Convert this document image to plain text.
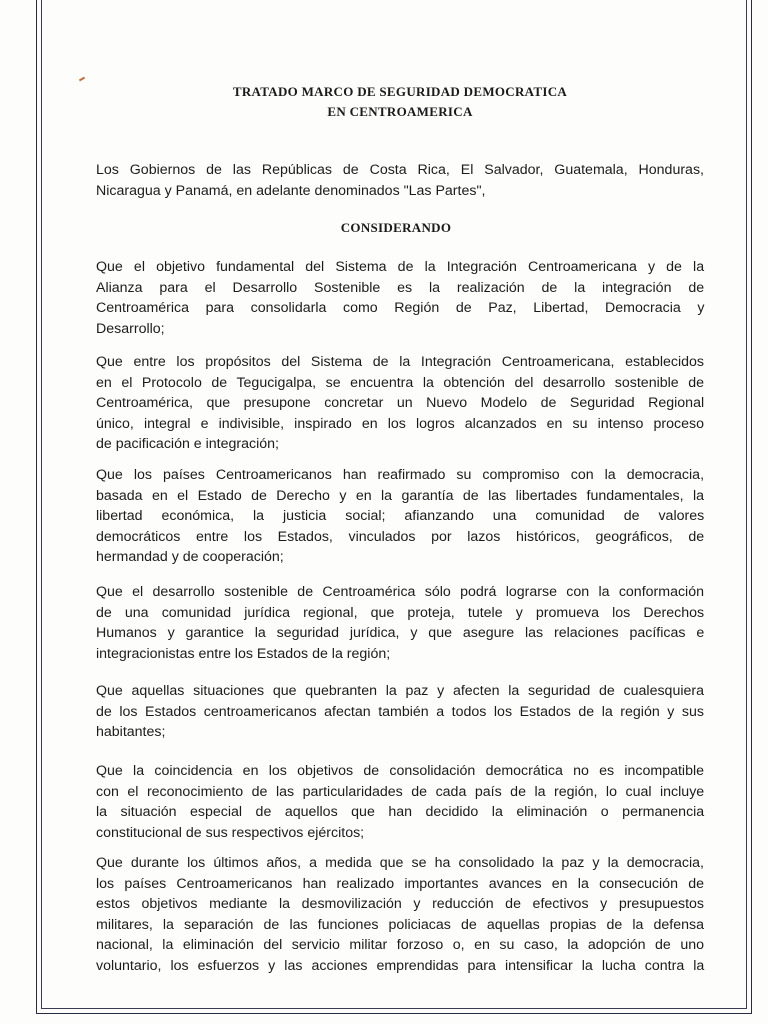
TRATADO MARCO DE SEGURIDAD DEMOCRATICA
EN CENTROAMERICA
Los Gobiernos de las Repúblicas de Costa Rica, El Salvador, Guatemala, Honduras,
Nicaragua y Panamá, en adelante denominados "Las Partes",
CONSIDERANDO
Que el objetivo fundamental del Sistema de la Integración Centroamericana y de la
Alianza para el Desarrollo Sostenible es la realización de la integración de
Centroamérica para consolidarla como Región de Paz, Libertad, Democracia y
Desarrollo;
Que entre los propósitos del Sistema de la Integración Centroamericana, establecidos
en el Protocolo de Tegucigalpa, se encuentra la obtención del desarrollo sostenible de
Centroamérica, que presupone concretar un Nuevo Modelo de Seguridad Regional
único, integral e indivisible, inspirado en los logros alcanzados en su intenso proceso
de pacificación e integración;
Que los países Centroamericanos han reafirmado su compromiso con la democracia,
basada en el Estado de Derecho y en la garantía de las libertades fundamentales, la
libertad económica, la justicia social; afianzando una comunidad de valores
democráticos entre los Estados, vinculados por lazos históricos, geográficos, de
hermandad y de cooperación;
Que el desarrollo sostenible de Centroamérica sólo podrá lograrse con la conformación
de una comunidad jurídica regional, que proteja, tutele y promueva los Derechos
Humanos y garantice la seguridad jurídica, y que asegure las relaciones pacíficas e
integracionistas entre los Estados de la región;
Que aquellas situaciones que quebranten la paz y afecten la seguridad de cualesquiera
de los Estados centroamericanos afectan también a todos los Estados de la región y sus
habitantes;
Que la coincidencia en los objetivos de consolidación democrática no es incompatible
con el reconocimiento de las particularidades de cada país de la región, lo cual incluye
la situación especial de aquellos que han decidido la eliminación o permanencia
constitucional de sus respectivos ejércitos;
Que durante los últimos años, a medida que se ha consolidado la paz y la democracia,
los países Centroamericanos han realizado importantes avances en la consecución de
estos objetivos mediante la desmovilización y reducción de efectivos y presupuestos
militares, la separación de las funciones policiacas de aquellas propias de la defensa
nacional, la eliminación del servicio militar forzoso o, en su caso, la adopción de uno
voluntario, los esfuerzos y las acciones emprendidas para intensificar la lucha contra la
